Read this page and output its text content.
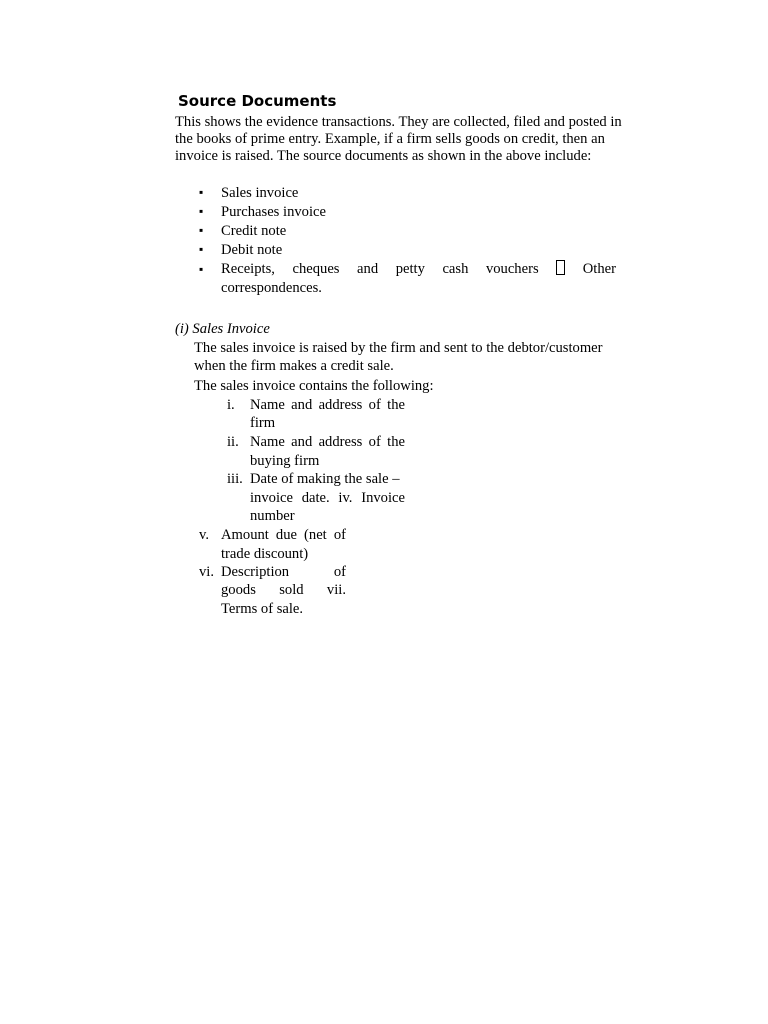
Source Documents
This shows the evidence transactions. They are collected, filed and posted in
the books of prime entry. Example, if a firm sells goods on credit, then an
invoice is raised. The source documents as shown in the above include:
▪ Sales invoice
▪ Purchases invoice
▪ Credit note
▪ Debit note
▪ Receipts, cheques and petty cash vouchers	Other
correspondences.
(i) Sales Invoice
The sales invoice is raised by the firm and sent to the debtor/customer
when the firm makes a credit sale.
The sales invoice contains the following:
i. Name and address of the
firm
ii. Name and address of the
buying firm
iii. Date of making the sale –
invoice date. iv. Invoice
number
v. Amount due (net of
trade discount)
vi. Description	of
goods sold vii.
Terms of sale.
